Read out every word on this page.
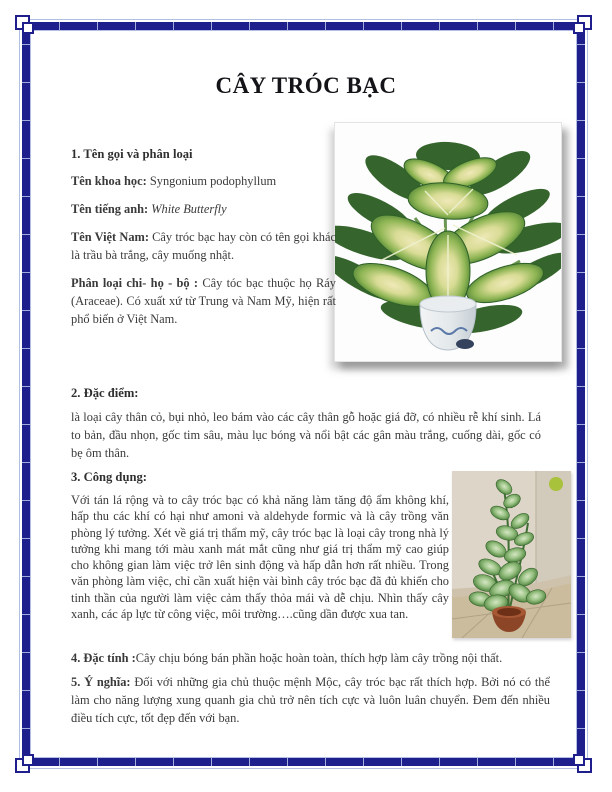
CÂY TRÓC BẠC

1. Tên gọi và phân loại

Tên khoa học: Syngonium podophyllum

Tên tiếng anh: White Butterfly

Tên Việt Nam: Cây tróc bạc hay còn có tên gọi khác là trầu bà trắng, cây muống nhật.

Phân loại chi- họ - bộ : Cây tóc bạc thuộc họ Ráy (Araceae). Có xuất xứ từ Trung và Nam Mỹ, hiện rất phổ biến ở Việt Nam.

2. Đặc điểm:

là loại cây thân cỏ, bụi nhỏ, leo bám vào các cây thân gỗ hoặc giá đỡ, có nhiều rễ khí sinh. Lá to bản, đầu nhọn, gốc tim sâu, màu lục bóng và nổi bật các gân màu trắng, cuống dài, gốc có bẹ ôm thân.

3. Công dụng:

Với tán lá rộng và to cây tróc bạc có khả năng làm tăng độ ẩm không khí, hấp thu các khí có hại như amoni và aldehyde formic và là cây trồng văn phòng lý tưởng. Xét về giá trị thẩm mỹ, cây tróc bạc là loại cây trong nhà lý tưởng khi mang tới màu xanh mát mắt cũng như giá trị thẩm mỹ cao giúp cho không gian làm việc trở lên sinh động và hấp dẫn hơn rất nhiều. Trong văn phòng làm việc, chỉ cần xuất hiện vài bình cây tróc bạc đã đủ khiến cho tinh thần của người làm việc cảm thấy thỏa mái và dễ chịu. Nhìn thấy cây xanh, các áp lực từ công việc, môi trường….cũng dần được xua tan.

4. Đặc tính :Cây chịu bóng bán phần hoặc hoàn toàn, thích hợp làm cây trồng nội thất.

5. Ý nghĩa: Đối với những gia chủ thuộc mệnh Mộc, cây tróc bạc rất thích hợp. Bởi nó có thể làm cho năng lượng xung quanh gia chủ trở nên tích cực và luôn luân chuyển. Đem đến nhiều điều tích cực, tốt đẹp đến với bạn.
